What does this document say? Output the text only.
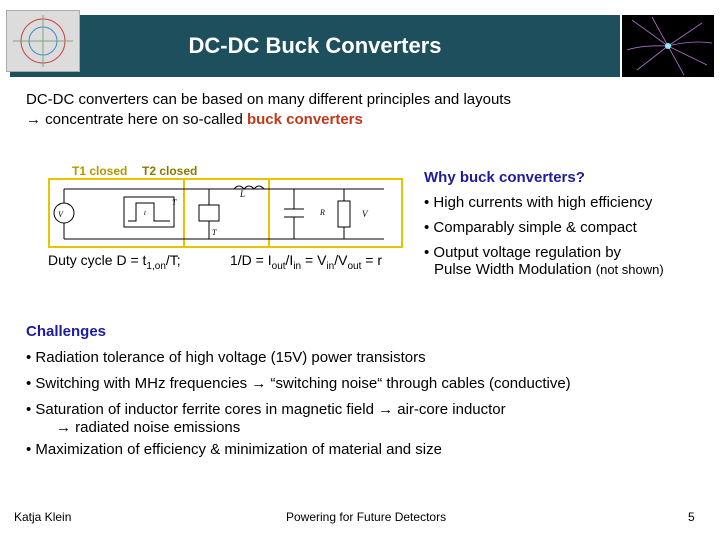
DC-DC Buck Converters
DC-DC converters can be based on many different principles and layouts
→ concentrate here on so-called buck converters
T1 closed T2 closed
V
T
t
T
L
R	V
Duty cycle $D = t_{1,on}/T$;	$1/D = I_{out}/I_{in} = V_{in}/V_{out} = r$
Why buck converters?
• High currents with high efficiency
• Comparably simple & compact
• Output voltage regulation by
Pulse Width Modulation (not shown)
Challenges
• Radiation tolerance of high voltage (15V) power transistors
• Switching with MHz frequencies → “switching noise“ through cables (conductive)
• Saturation of inductor ferrite cores in magnetic field → air-core inductor
→ radiated noise emissions
• Maximization of efficiency & minimization of material and size
Katja Klein	Powering for Future Detectors	5
